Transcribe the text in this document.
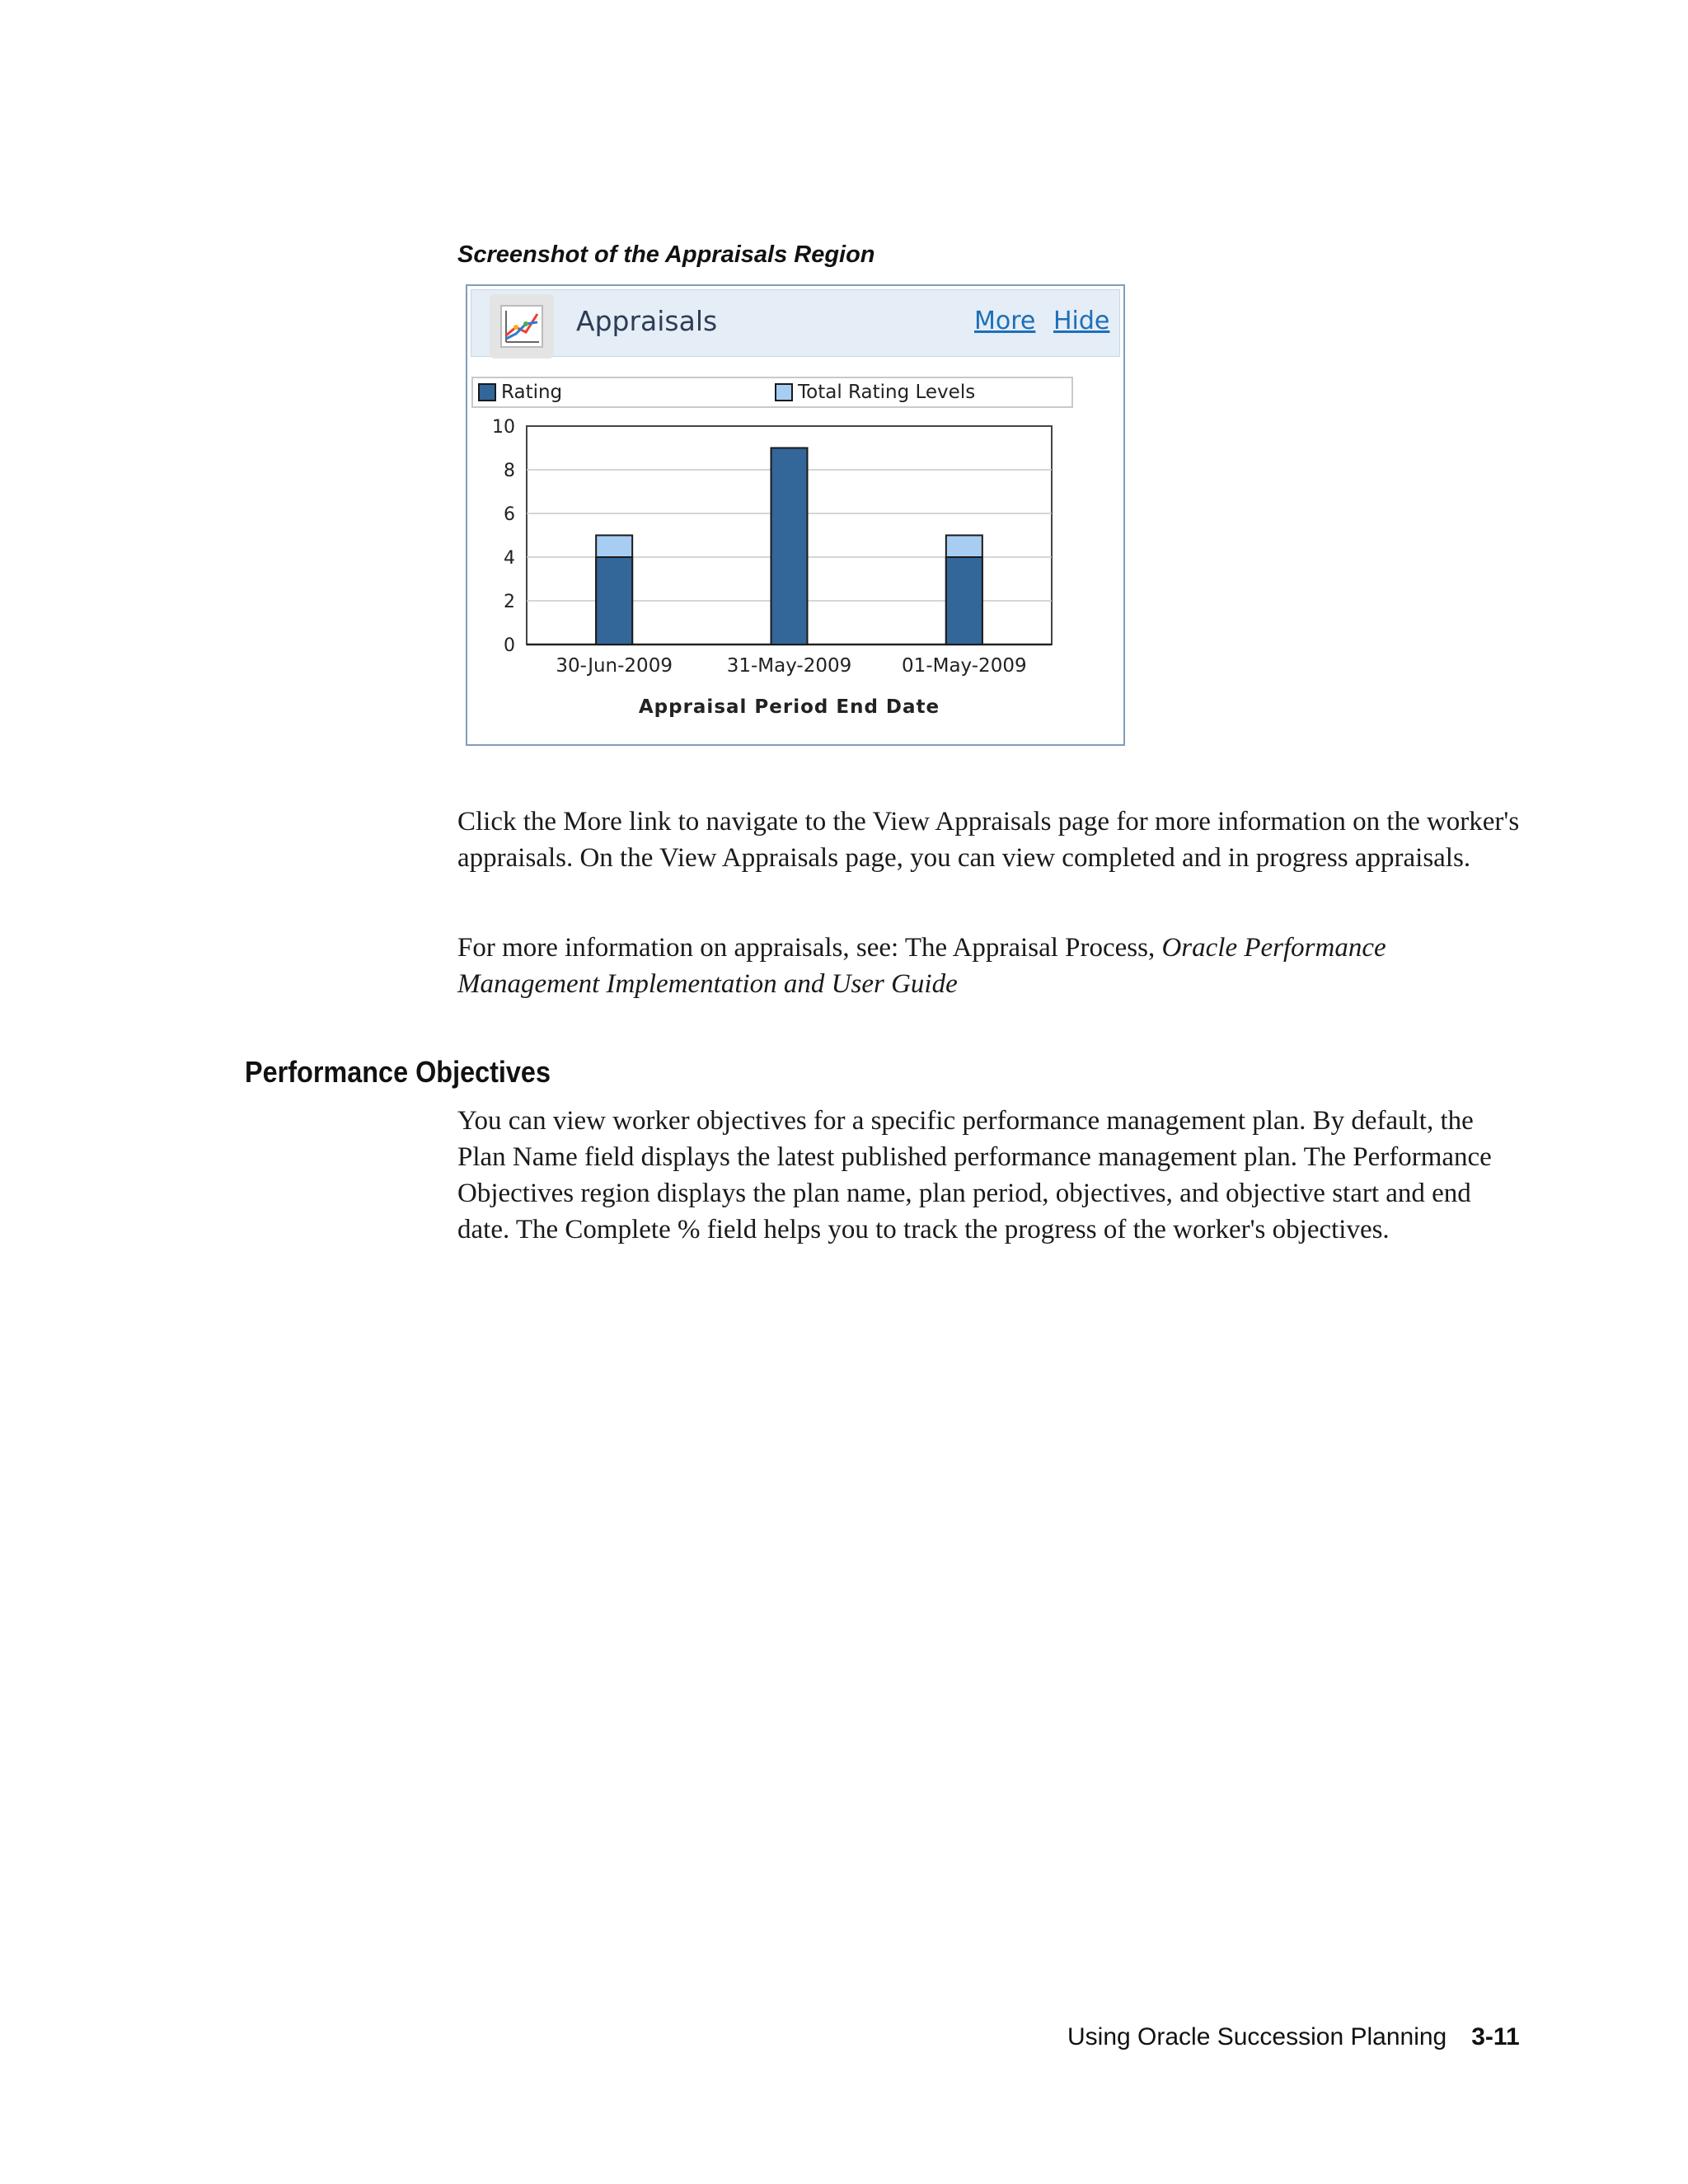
Screenshot of the Appraisals Region

Appraisals	More Hide
Rating	Total Rating Levels
0
2
4
6
8
10
30-Jun-2009	31-May-2009	01-May-2009
Appraisal Period End Date

Click the More link to navigate to the View Appraisals page for more information on the worker's appraisals. On the View Appraisals page, you can view completed and in progress appraisals.

For more information on appraisals, see: The Appraisal Process, Oracle Performance Management Implementation and User Guide

Performance Objectives

You can view worker objectives for a specific performance management plan. By default, the Plan Name field displays the latest published performance management plan. The Performance Objectives region displays the plan name, plan period, objectives, and objective start and end date. The Complete % field helps you to track the progress of the worker's objectives.

Using Oracle Succession Planning 3-11
